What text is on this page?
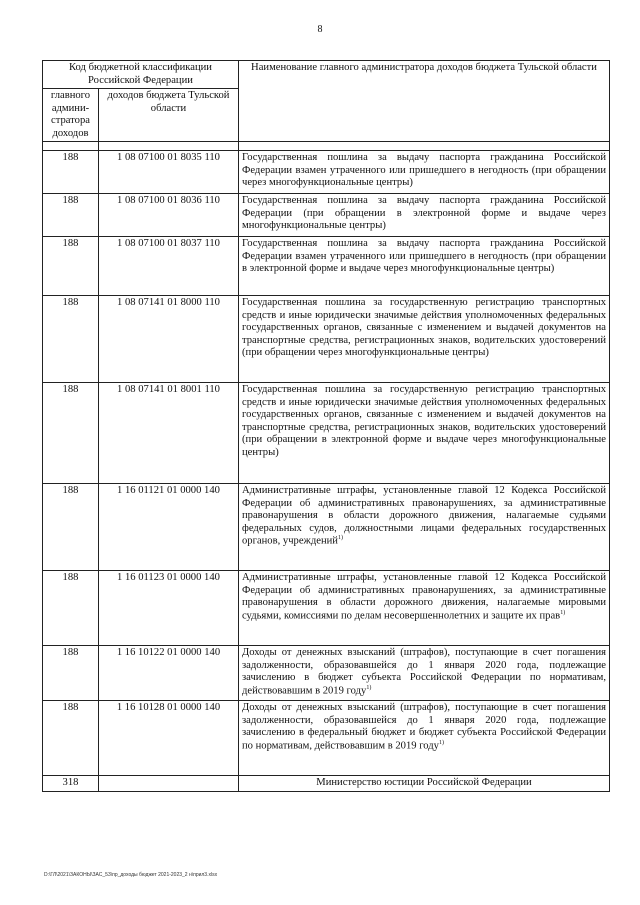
8
Код бюджетной классификации Российской Федерации		Наименование главного администратора доходов бюджета Тульской области
главного админи-стратора доходов	доходов бюджета Тульской области	

188	1 08 07100 01 8035 110	Государственная пошлина за выдачу паспорта гражданина Российской Федерации взамен утраченного или пришедшего в негодность (при обращении через многофункциональные центры)
188	1 08 07100 01 8036 110	Государственная пошлина за выдачу паспорта гражданина Российской Федерации (при обращении в электронной форме и выдаче через многофункциональные центры)
188	1 08 07100 01 8037 110	Государственная пошлина за выдачу паспорта гражданина Российской Федерации взамен утраченного или пришедшего в негодность (при обращении в электронной форме и выдаче через многофункциональные центры)
188	1 08 07141 01 8000 110	Государственная пошлина за государственную регистрацию транспортных средств и иные юридически значимые действия уполномоченных федеральных государственных органов, связанные с изменением и выдачей документов на транспортные средства, регистрационных знаков, водительских удостоверений (при обращении через многофункциональные центры)
188	1 08 07141 01 8001 110	Государственная пошлина за государственную регистрацию транспортных средств и иные юридически значимые действия уполномоченных федеральных государственных органов, связанные с изменением и выдачей документов на транспортные средства, регистрационных знаков, водительских удостоверений (при обращении в электронной форме и выдаче через многофункциональные центры)
188	1 16 01121 01 0000 140	Административные штрафы, установленные главой 12 Кодекса Российской Федерации об административных правонарушениях, за административные правонарушения в области дорожного движения, налагаемые судьями федеральных судов, должностными лицами федеральных государственных органов, учреждений$^{1)}$
188	1 16 01123 01 0000 140	Административные штрафы, установленные главой 12 Кодекса Российской Федерации об административных правонарушениях, за административные правонарушения в области дорожного движения, налагаемые мировыми судьями, комиссиями по делам несовершеннолетних и защите их прав$^{1)}$
188	1 16 10122 01 0000 140	Доходы от денежных взысканий (штрафов), поступающие в счет погашения задолженности, образовавшейся до 1 января 2020 года, подлежащие зачислению в бюджет субъекта Российской Федерации по нормативам, действовавшим в 2019 году$^{1)}$
188	1 16 10128 01 0000 140	Доходы от денежных взысканий (штрафов), поступающие в счет погашения задолженности, образовавшейся до 1 января 2020 года, подлежащие зачислению в федеральный бюджет и бюджет субъекта Российской Федерации по нормативам, действовавшим в 2019 году$^{1)}$
318		Министерство юстиции Российской Федерации
D:\ГЛ\2021\ЗАКОНЫ\ЗАС_53\пр_доходы бюджет 2021-2023_2 н\прил3.xlsx
